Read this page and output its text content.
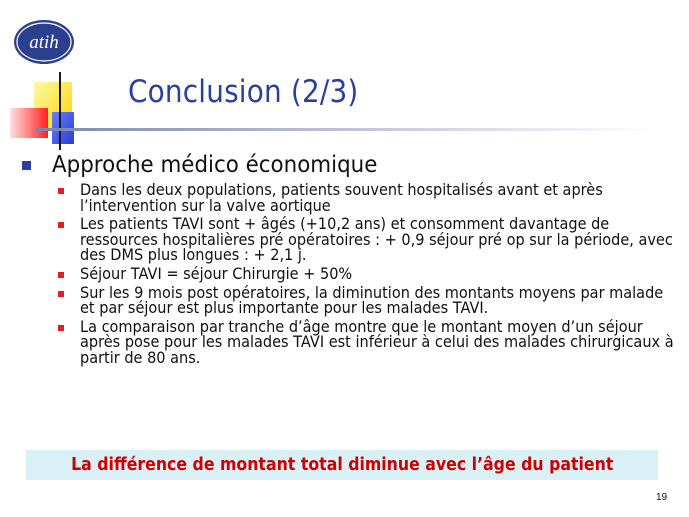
atih
Conclusion (2/3)
Approche médico économique
Dans les deux populations, patients souvent hospitalisés avant et après l’intervention sur la valve aortique
Les patients TAVI sont + âgés (+10,2 ans) et consomment davantage de ressources hospitalières pré opératoires : + 0,9 séjour pré op sur la période, avec des DMS plus longues : + 2,1 j.
Séjour TAVI = séjour Chirurgie + 50%
Sur les 9 mois post opératoires, la diminution des montants moyens par malade et par séjour est plus importante pour les malades TAVI.
La comparaison par tranche d’âge montre que le montant moyen d’un séjour après pose pour les malades TAVI est inférieur à celui des malades chirurgicaux à partir de 80 ans.
La différence de montant total diminue avec l’âge du patient
19
